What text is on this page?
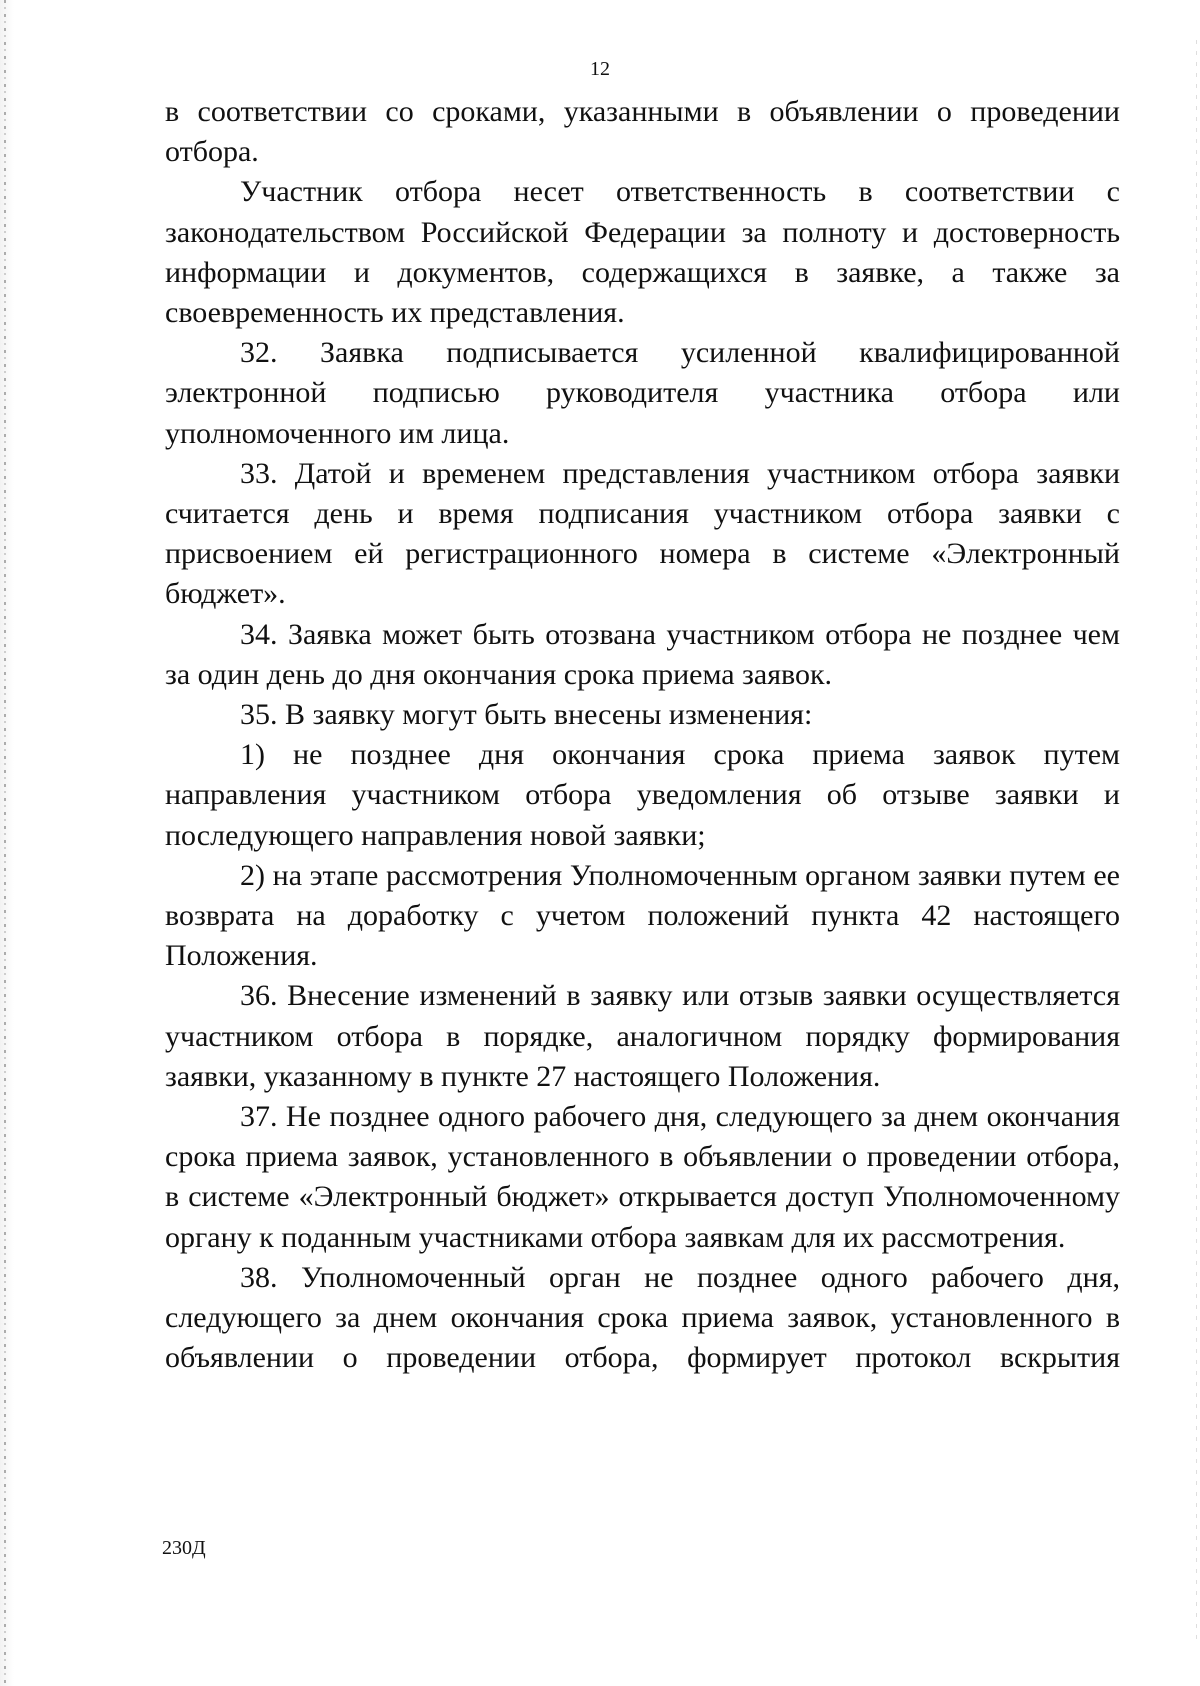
12

в соответствии со сроками, указанными в объявлении о проведении отбора.

Участник отбора несет ответственность в соответствии с законодательством Российской Федерации за полноту и достоверность информации и документов, содержащихся в заявке, а также за своевременность их представления.

32. Заявка подписывается усиленной квалифицированной электронной подписью руководителя участника отбора или уполномоченного им лица.

33. Датой и временем представления участником отбора заявки считается день и время подписания участником отбора заявки с присвоением ей регистрационного номера в системе «Электронный бюджет».

34. Заявка может быть отозвана участником отбора не позднее чем за один день до дня окончания срока приема заявок.

35. В заявку могут быть внесены изменения:

1) не позднее дня окончания срока приема заявок путем направления участником отбора уведомления об отзыве заявки и последующего направления новой заявки;

2) на этапе рассмотрения Уполномоченным органом заявки путем ее возврата на доработку с учетом положений пункта 42 настоящего Положения.

36. Внесение изменений в заявку или отзыв заявки осуществляется участником отбора в порядке, аналогичном порядку формирования заявки, указанному в пункте 27 настоящего Положения.

37. Не позднее одного рабочего дня, следующего за днем окончания срока приема заявок, установленного в объявлении о проведении отбора, в системе «Электронный бюджет» открывается доступ Уполномоченному органу к поданным участниками отбора заявкам для их рассмотрения.

38. Уполномоченный орган не позднее одного рабочего дня, следующего за днем окончания срока приема заявок, установленного в объявлении о проведении отбора, формирует протокол вскрытия

230Д
